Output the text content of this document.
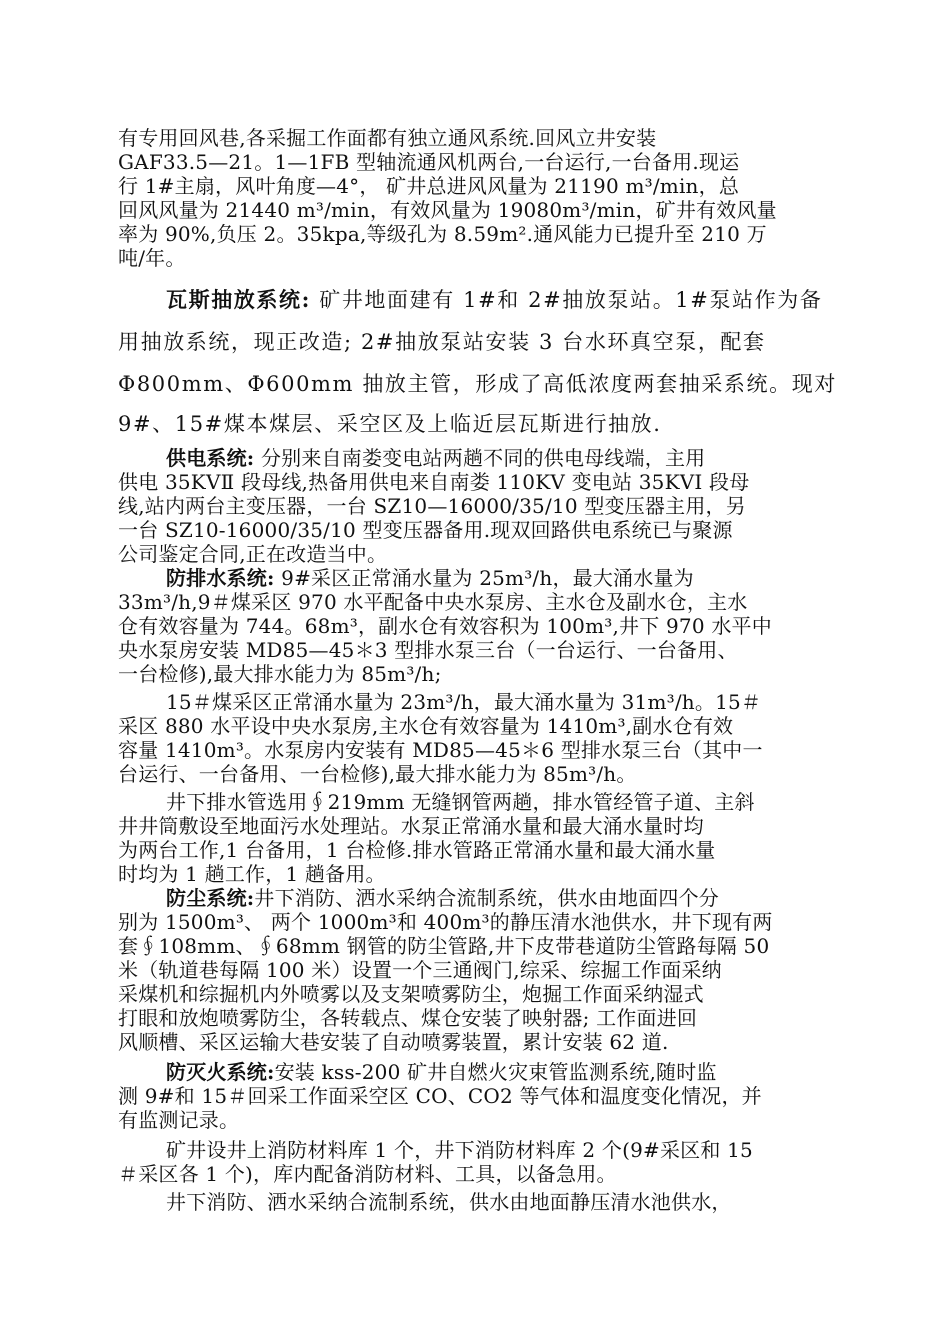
有专用回风巷,各采掘工作面都有独立通风系统.回风立井安装
GAF33.5—21。1—1FB 型轴流通风机两台,一台运行,一台备用.现运
行 1#主扇，风叶角度—4°， 矿井总进风风量为 21190 m³/min，总
回风风量为 21440 m³/min，有效风量为 19080m³/min，矿井有效风量
率为 90%,负压 2。35kpa,等级孔为 8.59m².通风能力已提升至 210 万
吨/年。
瓦斯抽放系统: 矿井地面建有 1#和 2#抽放泵站。1#泵站作为备
用抽放系统，现正改造; 2#抽放泵站安装 3 台水环真空泵，配套
Φ800mm、Φ600mm 抽放主管，形成了高低浓度两套抽采系统。现对
9#、15#煤本煤层、采空区及上临近层瓦斯进行抽放.
供电系统: 分别来自南娄变电站两趟不同的供电母线端，主用
供电 35KVⅡ 段母线,热备用供电来自南娄 110KV 变电站 35KVⅠ 段母
线,站内两台主变压器，一台 SZ10—16000/35/10 型变压器主用，另
一台 SZ10-16000/35/10 型变压器备用.现双回路供电系统已与聚源
公司鉴定合同,正在改造当中。
防排水系统: 9#采区正常涌水量为 25m³/h，最大涌水量为
33m³/h,9＃煤采区 970 水平配备中央水泵房、主水仓及副水仓，主水
仓有效容量为 744。68m³，副水仓有效容积为 100m³,井下 970 水平中
央水泵房安装 MD85—45＊3 型排水泵三台（一台运行、一台备用、
一台检修),最大排水能力为 85m³/h;
15＃煤采区正常涌水量为 23m³/h，最大涌水量为 31m³/h。15＃
采区 880 水平设中央水泵房,主水仓有效容量为 1410m³,副水仓有效
容量 1410m³。水泵房内安装有 MD85—45＊6 型排水泵三台（其中一
台运行、一台备用、一台检修),最大排水能力为 85m³/h。
井下排水管选用∮219mm 无缝钢管两趟，排水管经管子道、主斜
井井筒敷设至地面污水处理站。水泵正常涌水量和最大涌水量时均
为两台工作,1 台备用，1 台检修.排水管路正常涌水量和最大涌水量
时均为 1 趟工作，1 趟备用。
防尘系统:井下消防、洒水采纳合流制系统，供水由地面四个分
别为 1500m³、 两个 1000m³和 400m³的静压清水池供水，井下现有两
套∮108mm、∮68mm 钢管的防尘管路,井下皮带巷道防尘管路每隔 50
米（轨道巷每隔 100 米）设置一个三通阀门,综采、综掘工作面采纳
采煤机和综掘机内外喷雾以及支架喷雾防尘，炮掘工作面采纳湿式
打眼和放炮喷雾防尘，各转载点、煤仓安装了映射器; 工作面进回
风顺槽、采区运输大巷安装了自动喷雾装置，累计安装 62 道.
防灭火系统:安装 kss-200 矿井自燃火灾束管监测系统,随时监
测 9#和 15＃回采工作面采空区 CO、CO2 等气体和温度变化情况，并
有监测记录。
矿井设井上消防材料库 1 个，井下消防材料库 2 个(9#采区和 15
＃采区各 1 个)，库内配备消防材料、工具，以备急用。
井下消防、洒水采纳合流制系统，供水由地面静压清水池供水，
